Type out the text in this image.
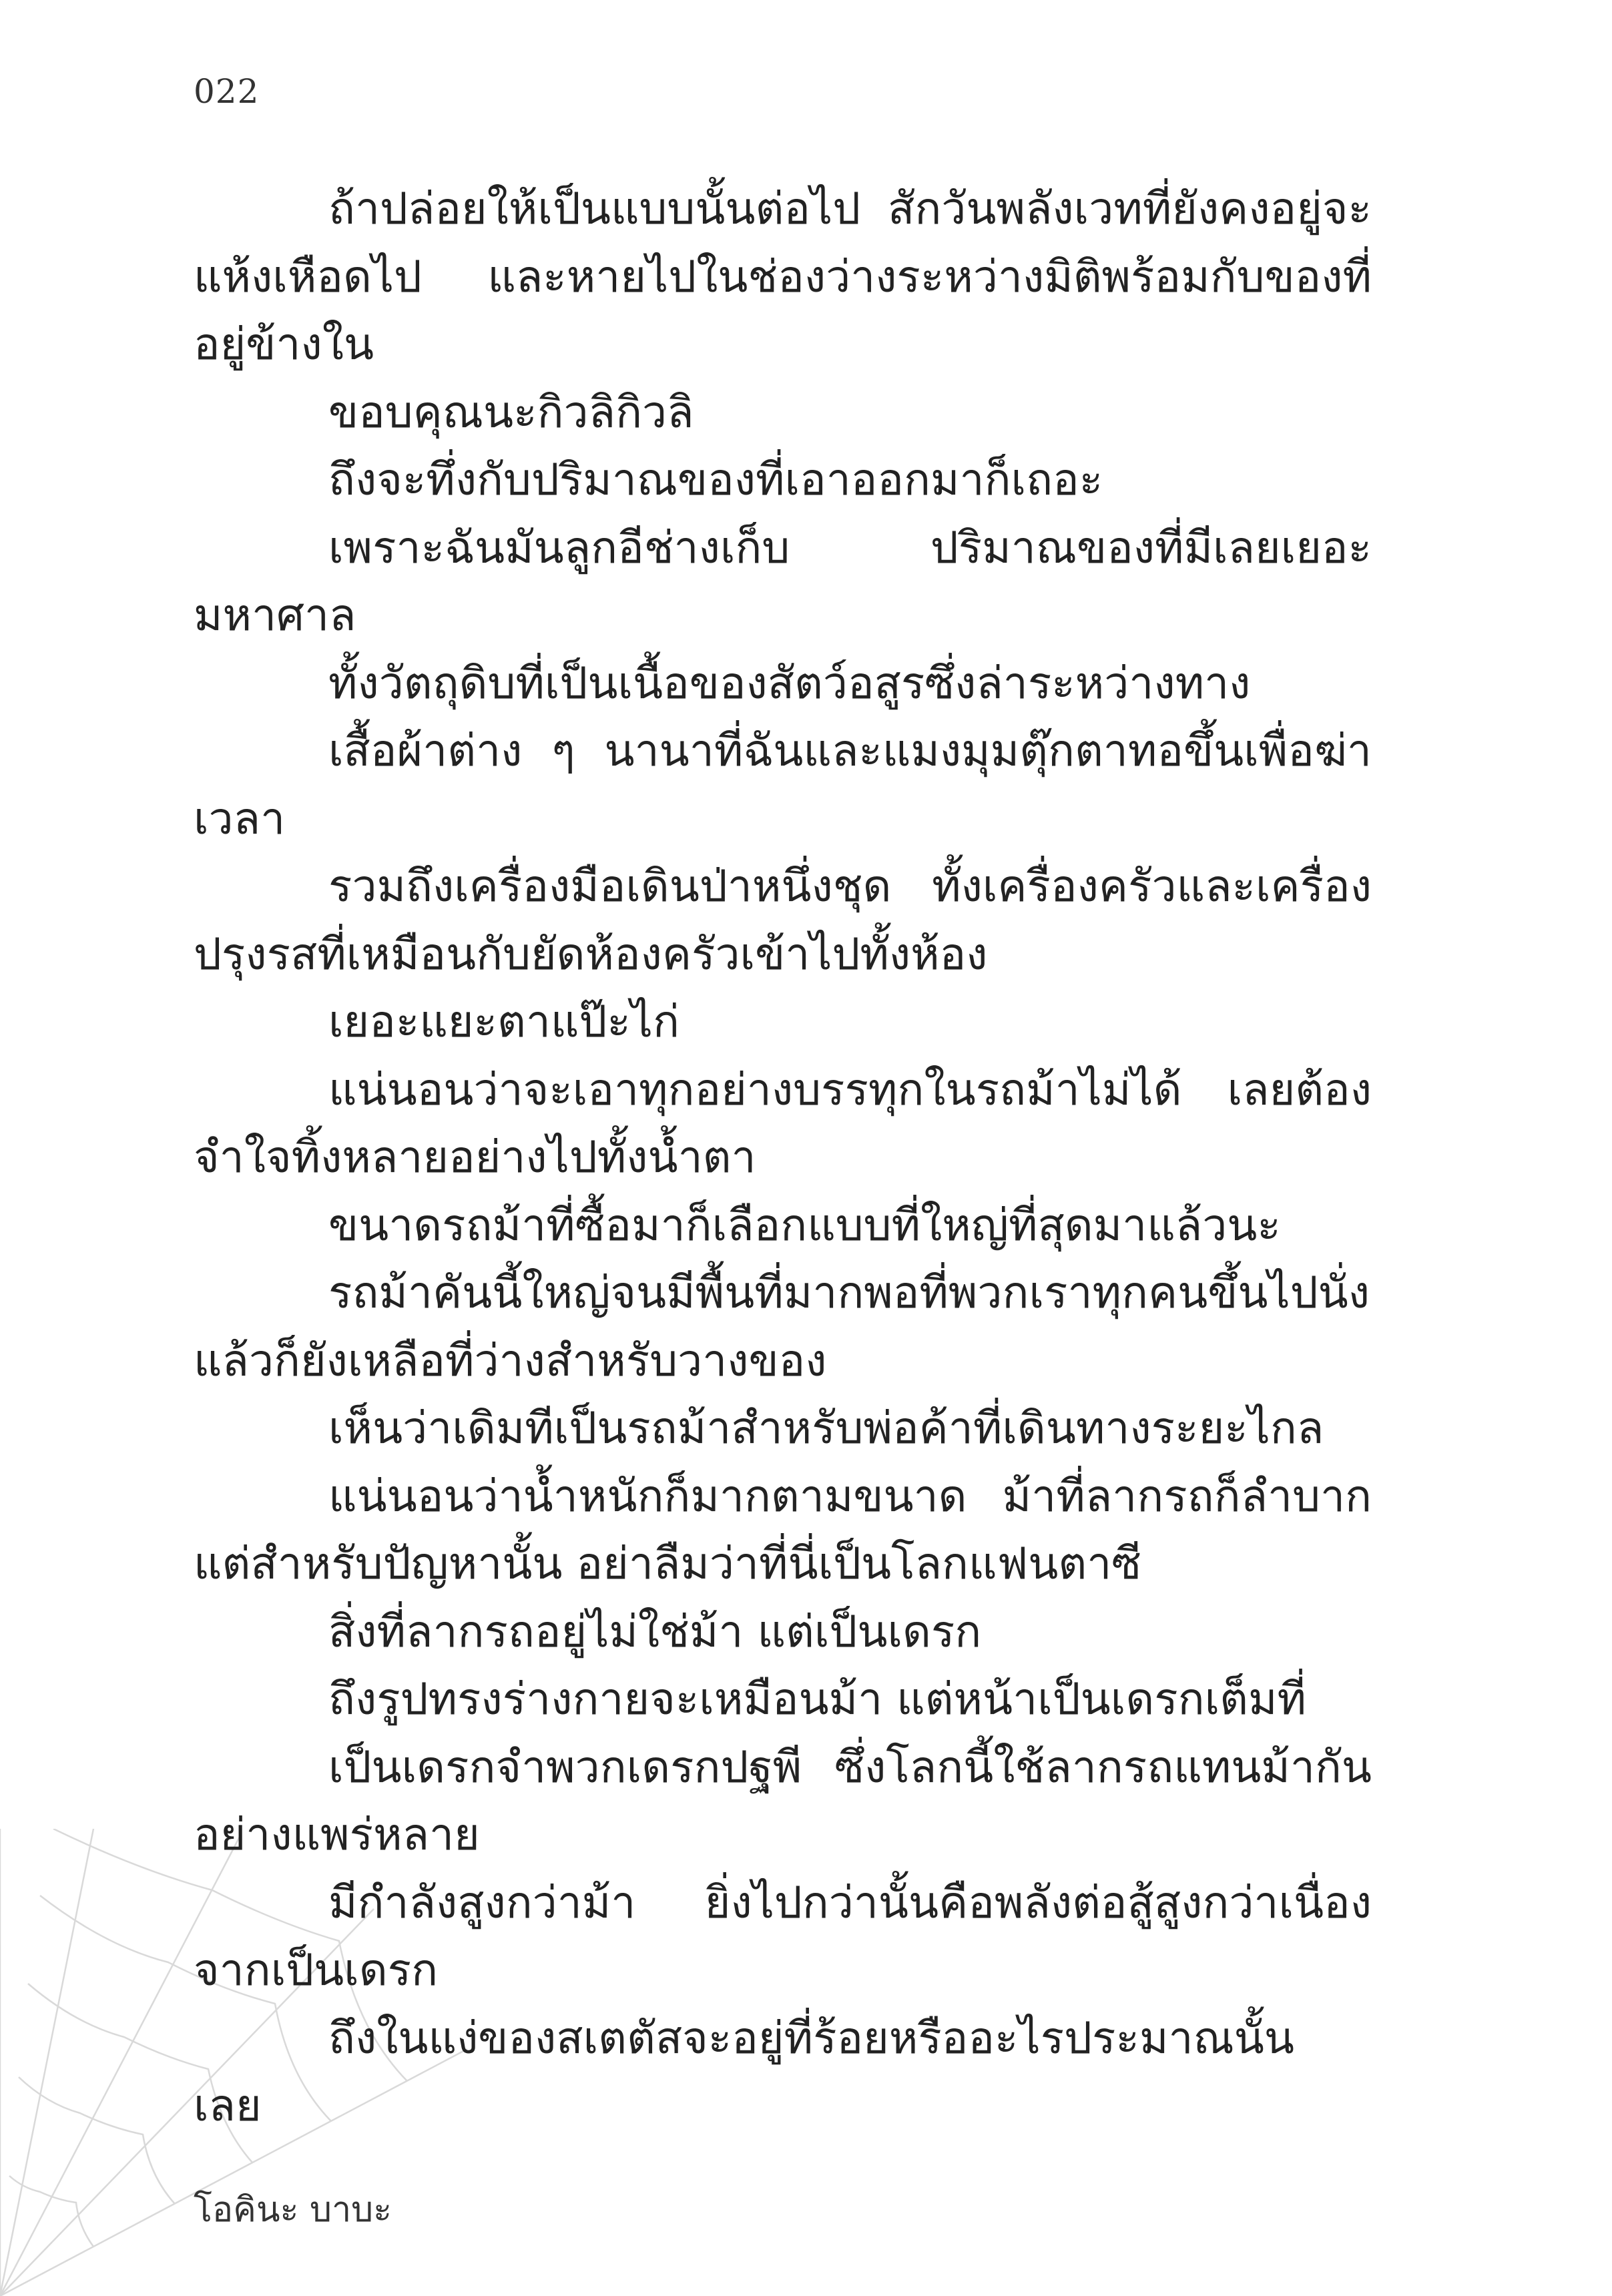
022

ถ้าปล่อยให้เป็นแบบนั้นต่อไป สักวันพลังเวทที่ยังคงอยู่จะแห้งเหือดไป และหายไปในช่องว่างระหว่างมิติพร้อมกับของที่อยู่ข้างใน

ขอบคุณนะกิวลิกิวลิ

ถึงจะทึ่งกับปริมาณของที่เอาออกมาก็เถอะ

เพราะฉันมันลูกอีช่างเก็บ ปริมาณของที่มีเลยเยอะมหาศาล

ทั้งวัตถุดิบที่เป็นเนื้อของสัตว์อสูรซึ่งล่าระหว่างทาง

เสื้อผ้าต่าง ๆ นานาที่ฉันและแมงมุมตุ๊กตาทอขึ้นเพื่อฆ่าเวลา

รวมถึงเครื่องมือเดินป่าหนึ่งชุด ทั้งเครื่องครัวและเครื่องปรุงรสที่เหมือนกับยัดห้องครัวเข้าไปทั้งห้อง

เยอะแยะตาแป๊ะไก่

แน่นอนว่าจะเอาทุกอย่างบรรทุกในรถม้าไม่ได้ เลยต้องจำใจทิ้งหลายอย่างไปทั้งน้ำตา

ขนาดรถม้าที่ซื้อมาก็เลือกแบบที่ใหญ่ที่สุดมาแล้วนะ

รถม้าคันนี้ใหญ่จนมีพื้นที่มากพอที่พวกเราทุกคนขึ้นไปนั่งแล้วก็ยังเหลือที่ว่างสำหรับวางของ

เห็นว่าเดิมทีเป็นรถม้าสำหรับพ่อค้าที่เดินทางระยะไกล

แน่นอนว่าน้ำหนักก็มากตามขนาด ม้าที่ลากรถก็ลำบาก แต่สำหรับปัญหานั้น อย่าลืมว่าที่นี่เป็นโลกแฟนตาซี

สิ่งที่ลากรถอยู่ไม่ใช่ม้า แต่เป็นเดรก

ถึงรูปทรงร่างกายจะเหมือนม้า แต่หน้าเป็นเดรกเต็มที่

เป็นเดรกจำพวกเดรกปฐพี ซึ่งโลกนี้ใช้ลากรถแทนม้ากันอย่างแพร่หลาย

มีกำลังสูงกว่าม้า ยิ่งไปกว่านั้นคือพลังต่อสู้สูงกว่าเนื่องจากเป็นเดรก

ถึงในแง่ของสเตตัสจะอยู่ที่ร้อยหรืออะไรประมาณนั้น เลย

โอคินะ บาบะ
